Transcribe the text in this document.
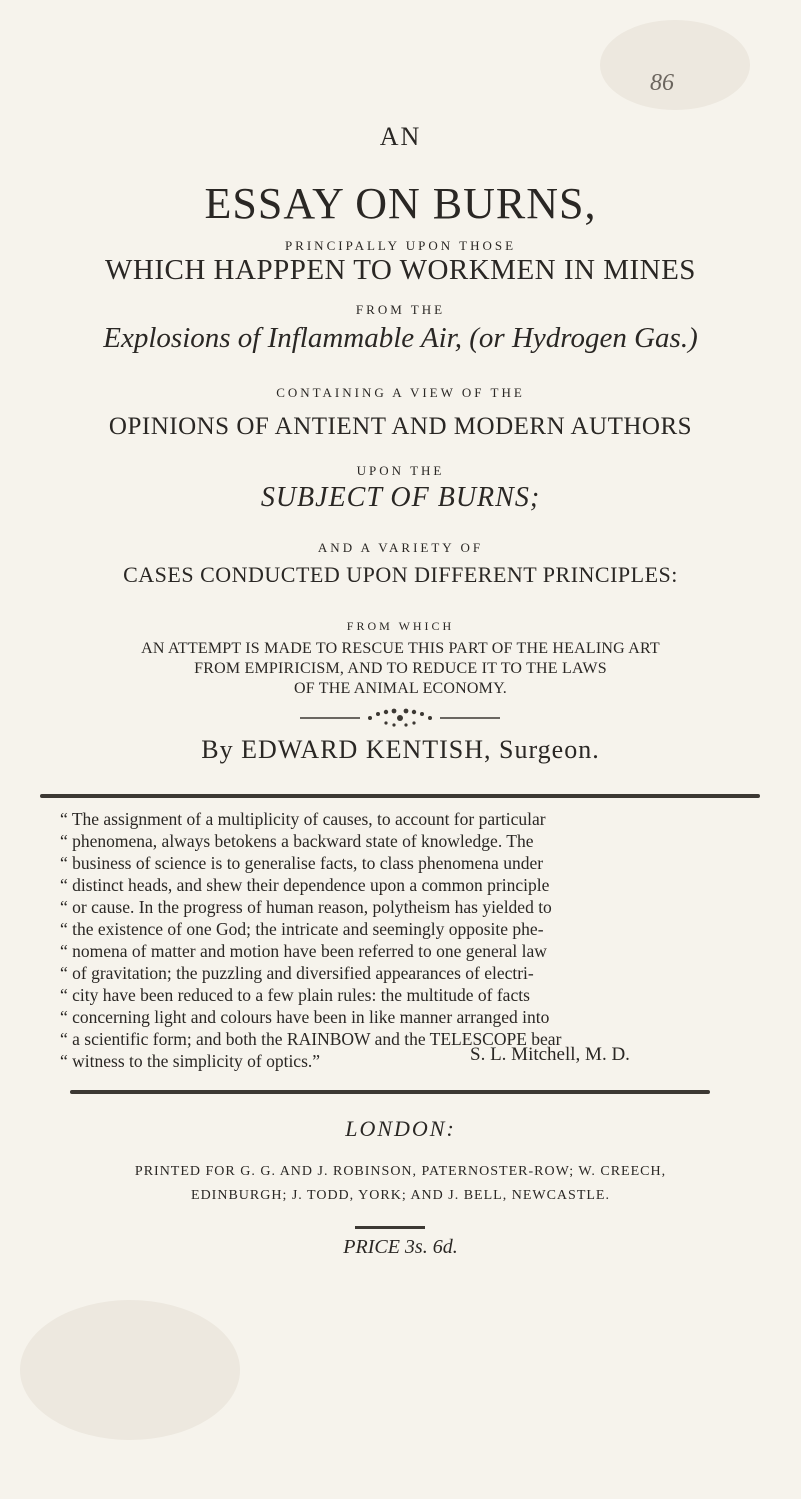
86
AN
ESSAY ON BURNS,
PRINCIPALLY UPON THOSE
WHICH HAPPPEN TO WORKMEN IN MINES
FROM THE
Explosions of Inflammable Air, (or Hydrogen Gas.)
CONTAINING A VIEW OF THE
OPINIONS OF ANTIENT AND MODERN AUTHORS
UPON THE
SUBJECT OF BURNS;
AND A VARIETY OF
CASES CONDUCTED UPON DIFFERENT PRINCIPLES:
FROM WHICH
AN ATTEMPT IS MADE TO RESCUE THIS PART OF THE HEALING ART
FROM EMPIRICISM, AND TO REDUCE IT TO THE LAWS
OF THE ANIMAL ECONOMY.
By EDWARD KENTISH, Surgeon.
“ The assignment of a multiplicity of causes, to account for particular
“ phenomena, always betokens a backward state of knowledge. The
“ business of science is to generalise facts, to class phenomena under
“ distinct heads, and shew their dependence upon a common principle
“ or cause. In the progress of human reason, polytheism has yielded to
“ the existence of one God; the intricate and seemingly opposite phe-
“ nomena of matter and motion have been referred to one general law
“ of gravitation; the puzzling and diversified appearances of electri-
“ city have been reduced to a few plain rules: the multitude of facts
“ concerning light and colours have been in like manner arranged into
“ a scientific form; and both the RAINBOW and the TELESCOPE bear
“ witness to the simplicity of optics.”	S. L. Mitchell, M. D.
LONDON:
PRINTED FOR G. G. AND J. ROBINSON, PATERNOSTER-ROW; W. CREECH,
EDINBURGH; J. TODD, YORK; AND J. BELL, NEWCASTLE.
PRICE 3s. 6d.
